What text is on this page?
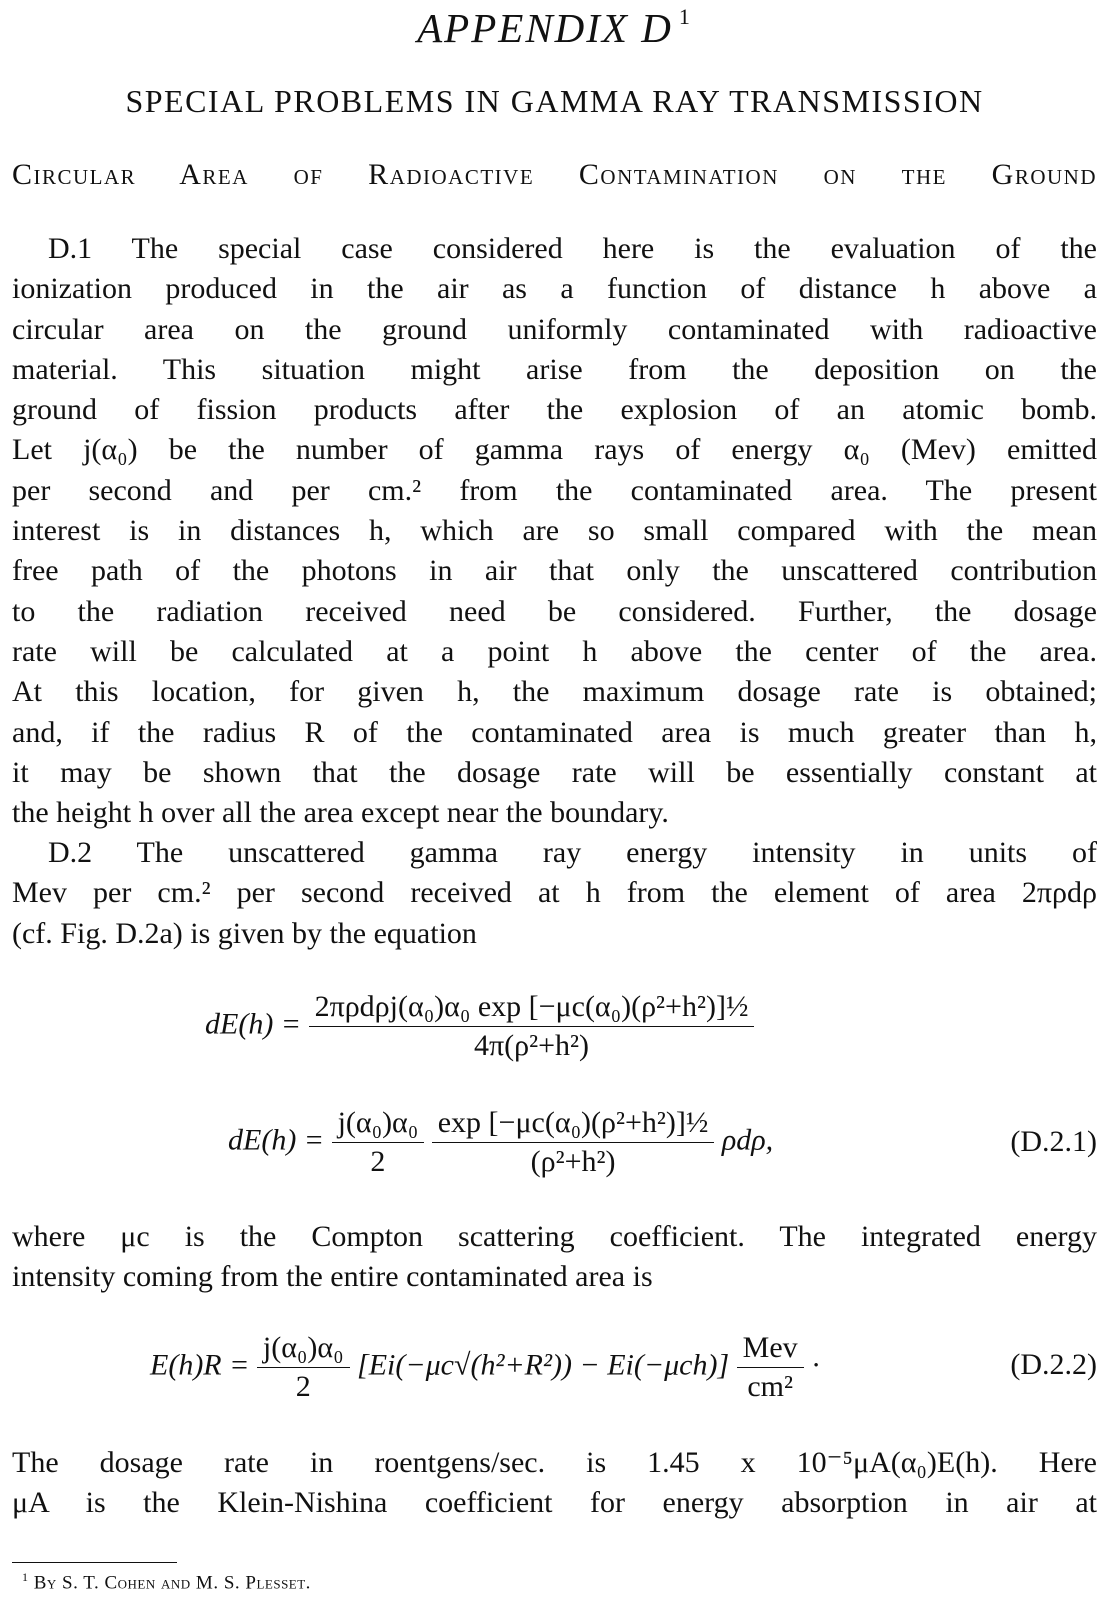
APPENDIX D $^1$
SPECIAL PROBLEMS IN GAMMA RAY TRANSMISSION
Circular Area of Radioactive Contamination on the Ground
D.1 The special case considered here is the evaluation of the
ionization produced in the air as a function of distance h above a
circular area on the ground uniformly contaminated with radioactive
material. This situation might arise from the deposition on the
ground of fission products after the explosion of an atomic bomb.
Let j(α₀) be the number of gamma rays of energy α₀ (Mev) emitted
per second and per cm.² from the contaminated area. The present
interest is in distances h, which are so small compared with the mean
free path of the photons in air that only the unscattered contribution
to the radiation received need be considered. Further, the dosage
rate will be calculated at a point h above the center of the area.
At this location, for given h, the maximum dosage rate is obtained;
and, if the radius R of the contaminated area is much greater than h,
it may be shown that the dosage rate will be essentially constant at
the height h over all the area except near the boundary.
D.2 The unscattered gamma ray energy intensity in units of
Mev per cm.² per second received at h from the element of area 2πρdρ
(cf. Fig. D.2a) is given by the equation
$dE(h) = \frac{\text{2πρdρj(α₀)α₀ exp [−μc(α₀)(ρ²+h²)]½}}{\text{4π(ρ²+h²)}}$
$dE(h) = \frac{\text{j(α₀)α₀}}{2}$
$\frac{\text{exp [−μc(α₀)(ρ²+h²)]½}}{\text{(ρ²+h²)}} \rho d\rho$,	(D.2.1)
where μc is the Compton scattering coefficient. The integrated energy
intensity coming from the entire contaminated area is
$E(h)R = \frac{\text{j(α₀)α₀}}{2} [Ei(-\mu c√(h^2+R^2)) - Ei(-\mu ch)] \frac{\text{Mev}}{\text{cm²}}$ ·	(D.2.2)
The dosage rate in roentgens/sec. is 1.45 x 10⁻⁵μA(α₀)E(h). Here
μA is the Klein-Nishina coefficient for energy absorption in air at
$^1$ By S. T. Cohen and M. S. Plesset.
